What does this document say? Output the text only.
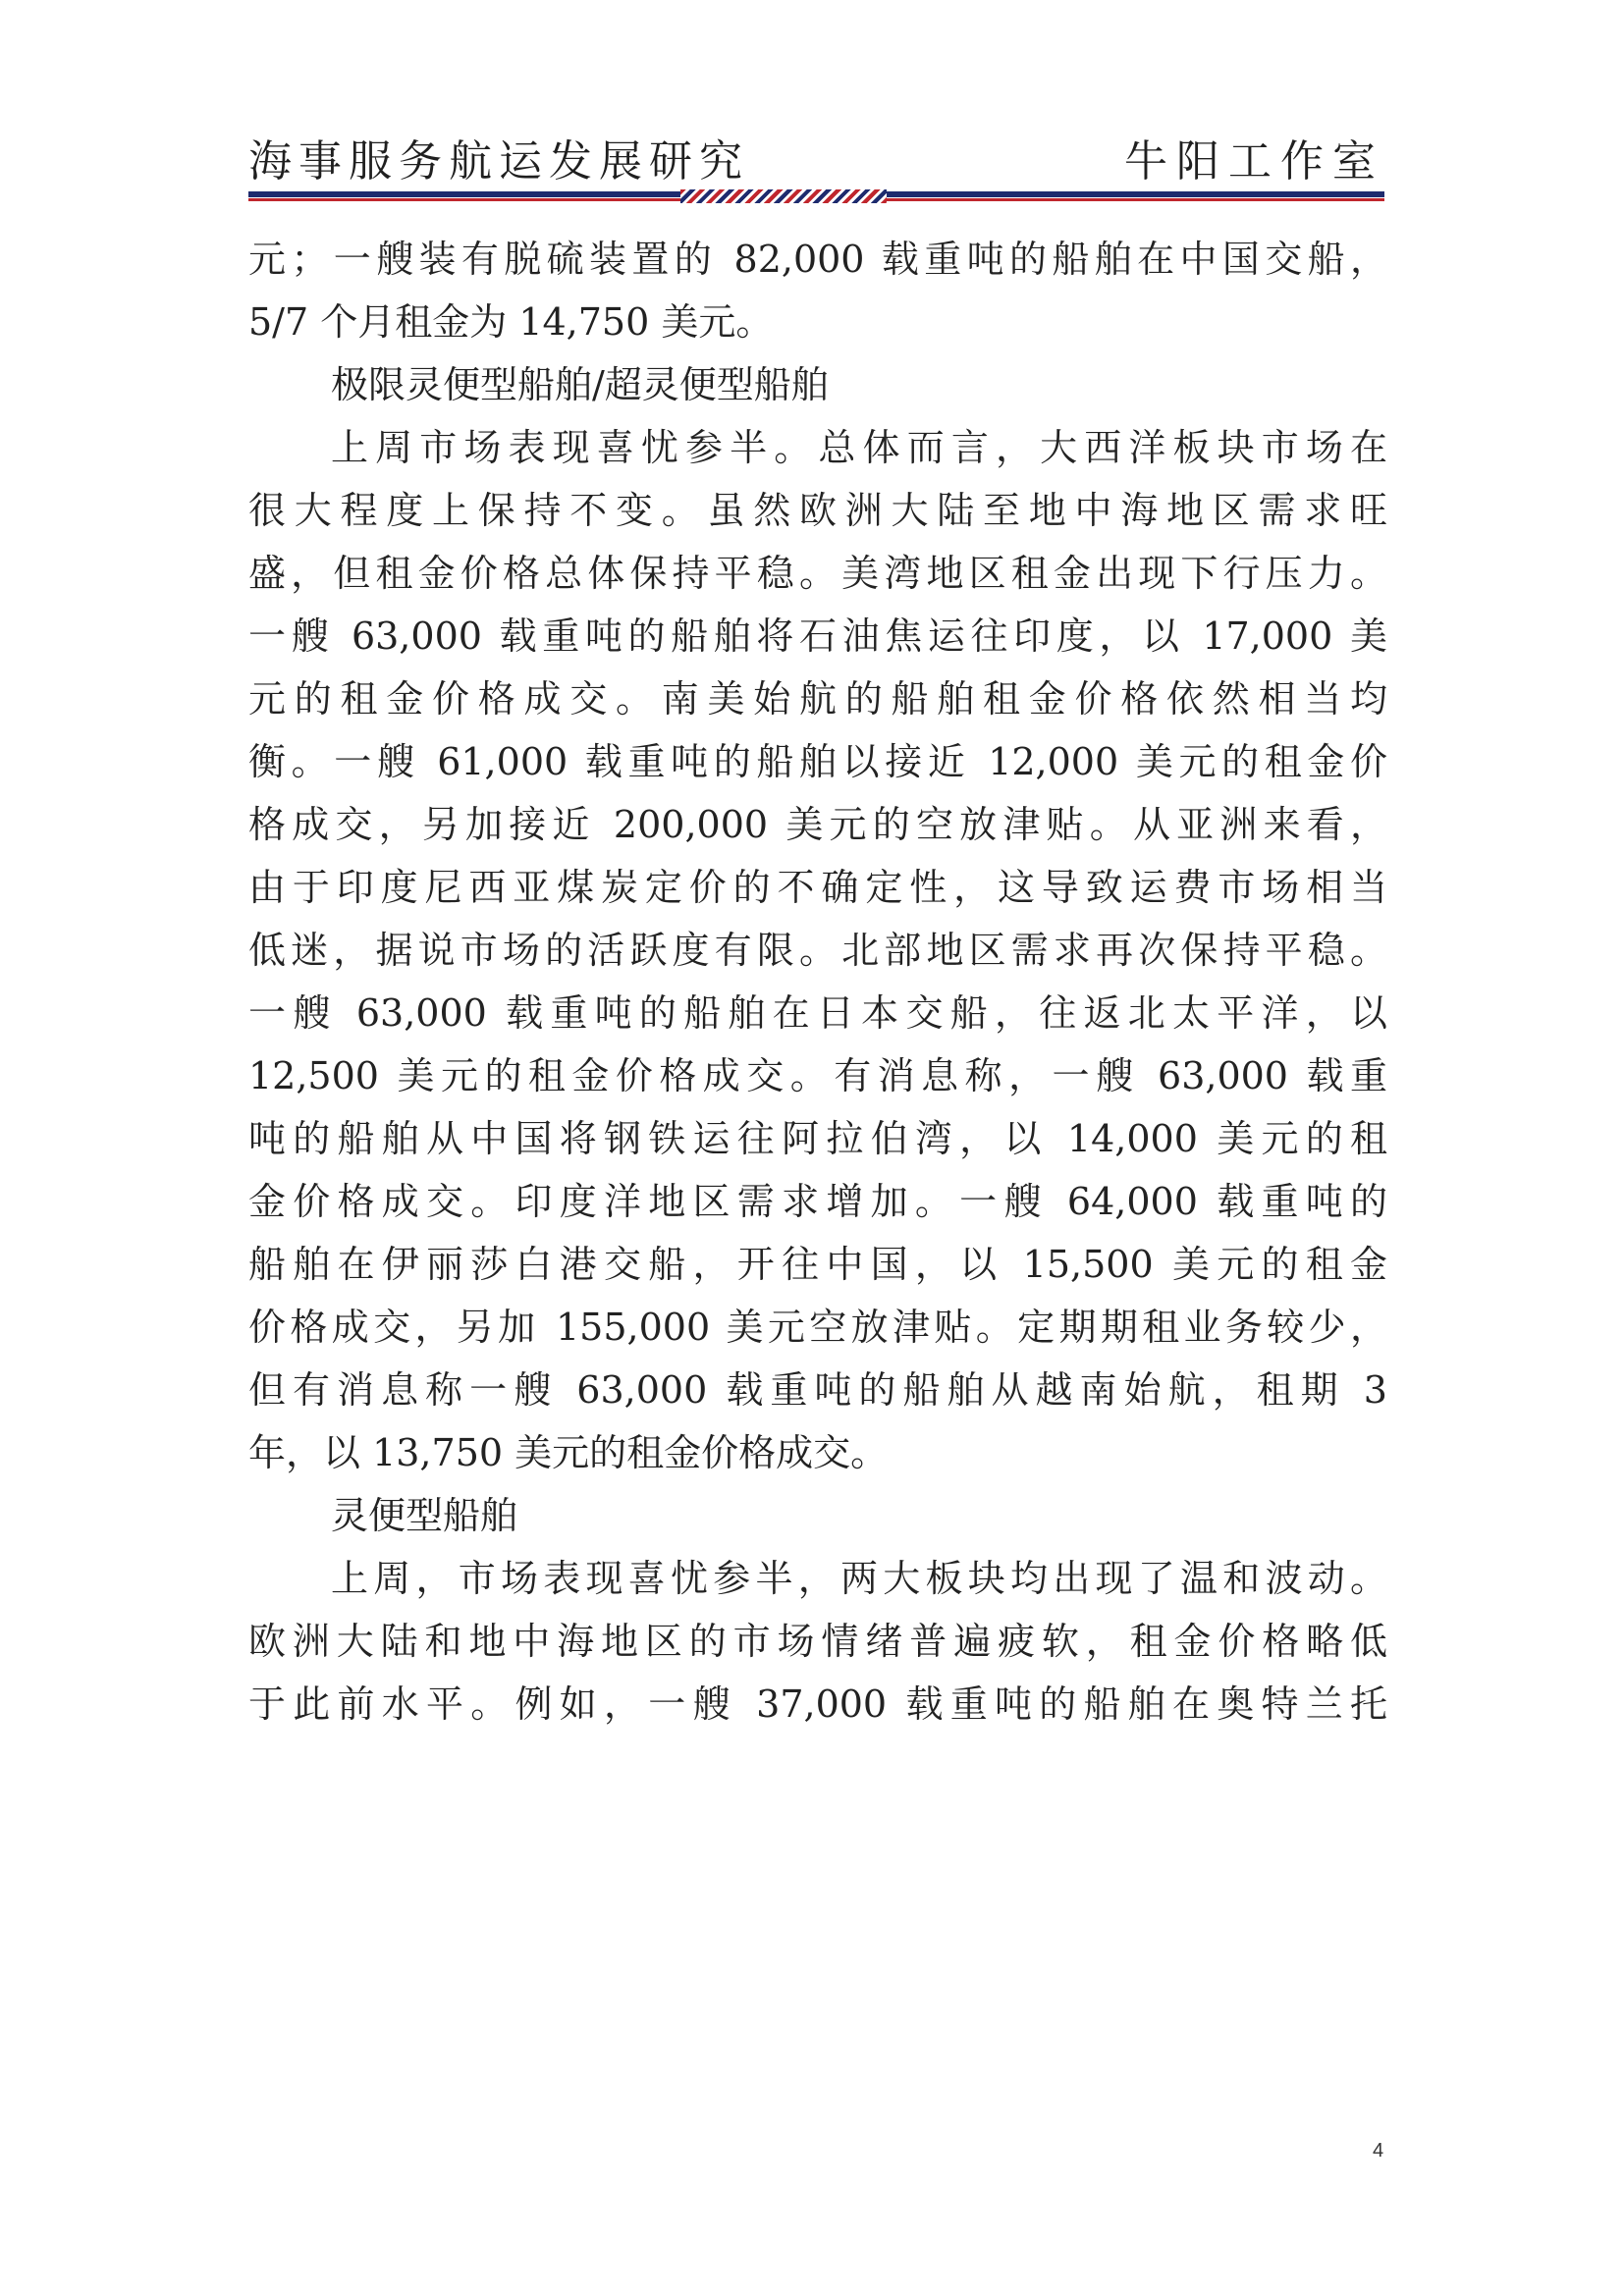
海事服务航运发展研究	牛阳工作室
元；一艘装有脱硫装置的 82,000 载重吨的船舶在中国交船，
5/7 个月租金为 14,750 美元。
极限灵便型船舶/超灵便型船舶
上周市场表现喜忧参半。总体而言，大西洋板块市场在
很大程度上保持不变。虽然欧洲大陆至地中海地区需求旺
盛，但租金价格总体保持平稳。美湾地区租金出现下行压力。
一艘 63,000 载重吨的船舶将石油焦运往印度，以 17,000 美
元的租金价格成交。南美始航的船舶租金价格依然相当均
衡。一艘 61,000 载重吨的船舶以接近 12,000 美元的租金价
格成交，另加接近 200,000 美元的空放津贴。从亚洲来看，
由于印度尼西亚煤炭定价的不确定性，这导致运费市场相当
低迷，据说市场的活跃度有限。北部地区需求再次保持平稳。
一艘 63,000 载重吨的船舶在日本交船，往返北太平洋，以
12,500 美元的租金价格成交。有消息称，一艘 63,000 载重
吨的船舶从中国将钢铁运往阿拉伯湾，以 14,000 美元的租
金价格成交。印度洋地区需求增加。一艘 64,000 载重吨的
船舶在伊丽莎白港交船，开往中国，以 15,500 美元的租金
价格成交，另加 155,000 美元空放津贴。定期期租业务较少，
但有消息称一艘 63,000 载重吨的船舶从越南始航，租期 3
年，以 13,750 美元的租金价格成交。
灵便型船舶
上周，市场表现喜忧参半，两大板块均出现了温和波动。
欧洲大陆和地中海地区的市场情绪普遍疲软，租金价格略低
于此前水平。例如，一艘 37,000 载重吨的船舶在奥特兰托
4
